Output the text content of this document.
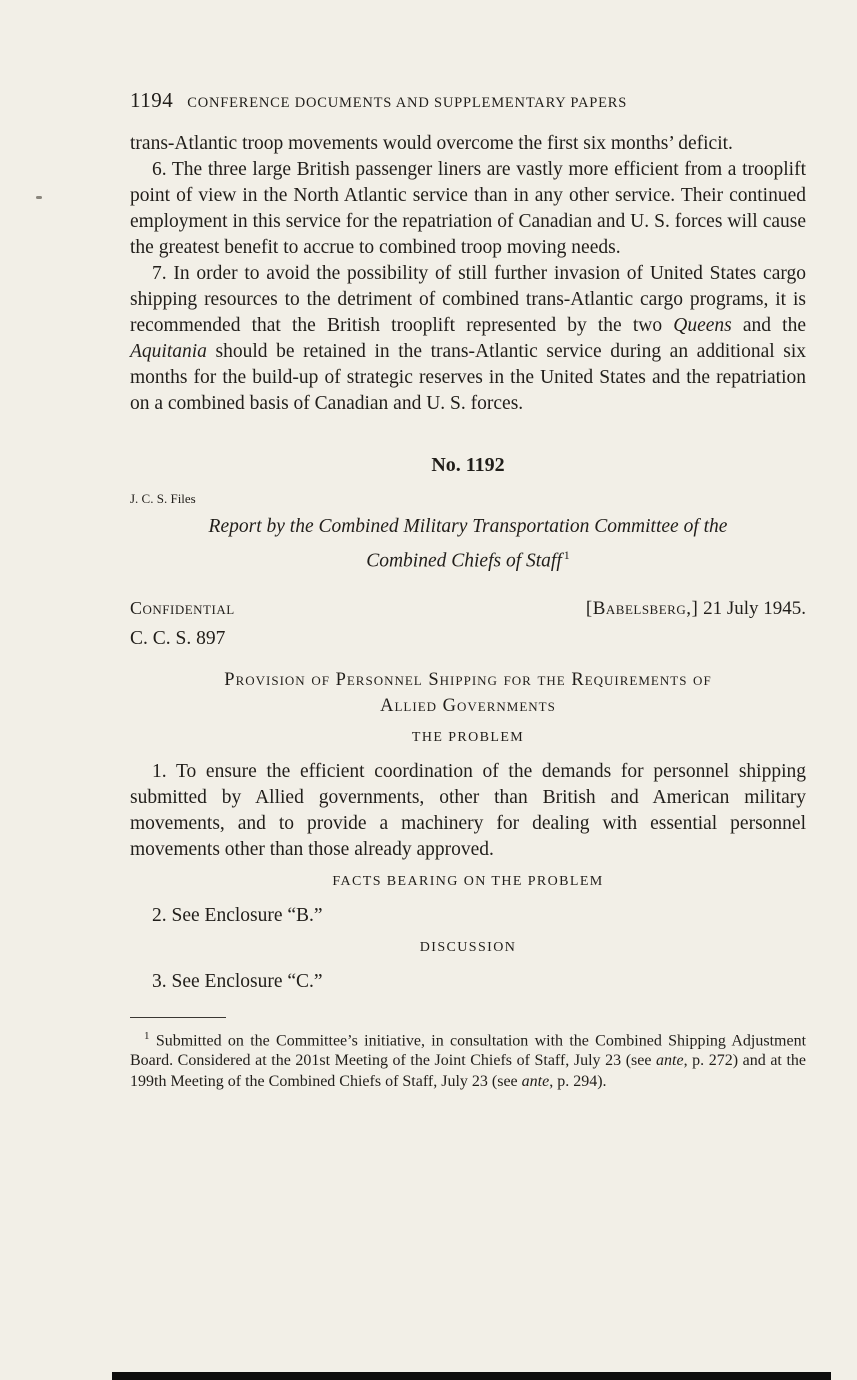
1194 CONFERENCE DOCUMENTS AND SUPPLEMENTARY PAPERS

trans-Atlantic troop movements would overcome the first six months’ deficit.

6. The three large British passenger liners are vastly more efficient from a trooplift point of view in the North Atlantic service than in any other service. Their continued employment in this service for the repatriation of Canadian and U. S. forces will cause the greatest benefit to accrue to combined troop moving needs.

7. In order to avoid the possibility of still further invasion of United States cargo shipping resources to the detriment of combined trans-Atlantic cargo programs, it is recommended that the British trooplift represented by the two Queens and the Aquitania should be retained in the trans-Atlantic service during an additional six months for the build-up of strategic reserves in the United States and the repatriation on a combined basis of Canadian and U. S. forces.

No. 1192
J. C. S. Files
Report by the Combined Military Transportation Committee of the
Combined Chiefs of Staff $^1$
Confidential	[Babelsberg,] 21 July 1945.
C. C. S. 897
Provision of Personnel Shipping for the Requirements of
Allied Governments
THE PROBLEM

1. To ensure the efficient coordination of the demands for personnel shipping submitted by Allied governments, other than British and American military movements, and to provide a machinery for dealing with essential personnel movements other than those already approved.

FACTS BEARING ON THE PROBLEM

2. See Enclosure “B.”

DISCUSSION

3. See Enclosure “C.”

$^1$ Submitted on the Committee’s initiative, in consultation with the Combined Shipping Adjustment Board. Considered at the 201st Meeting of the Joint Chiefs of Staff, July 23 (see ante, p. 272) and at the 199th Meeting of the Combined Chiefs of Staff, July 23 (see ante, p. 294).
